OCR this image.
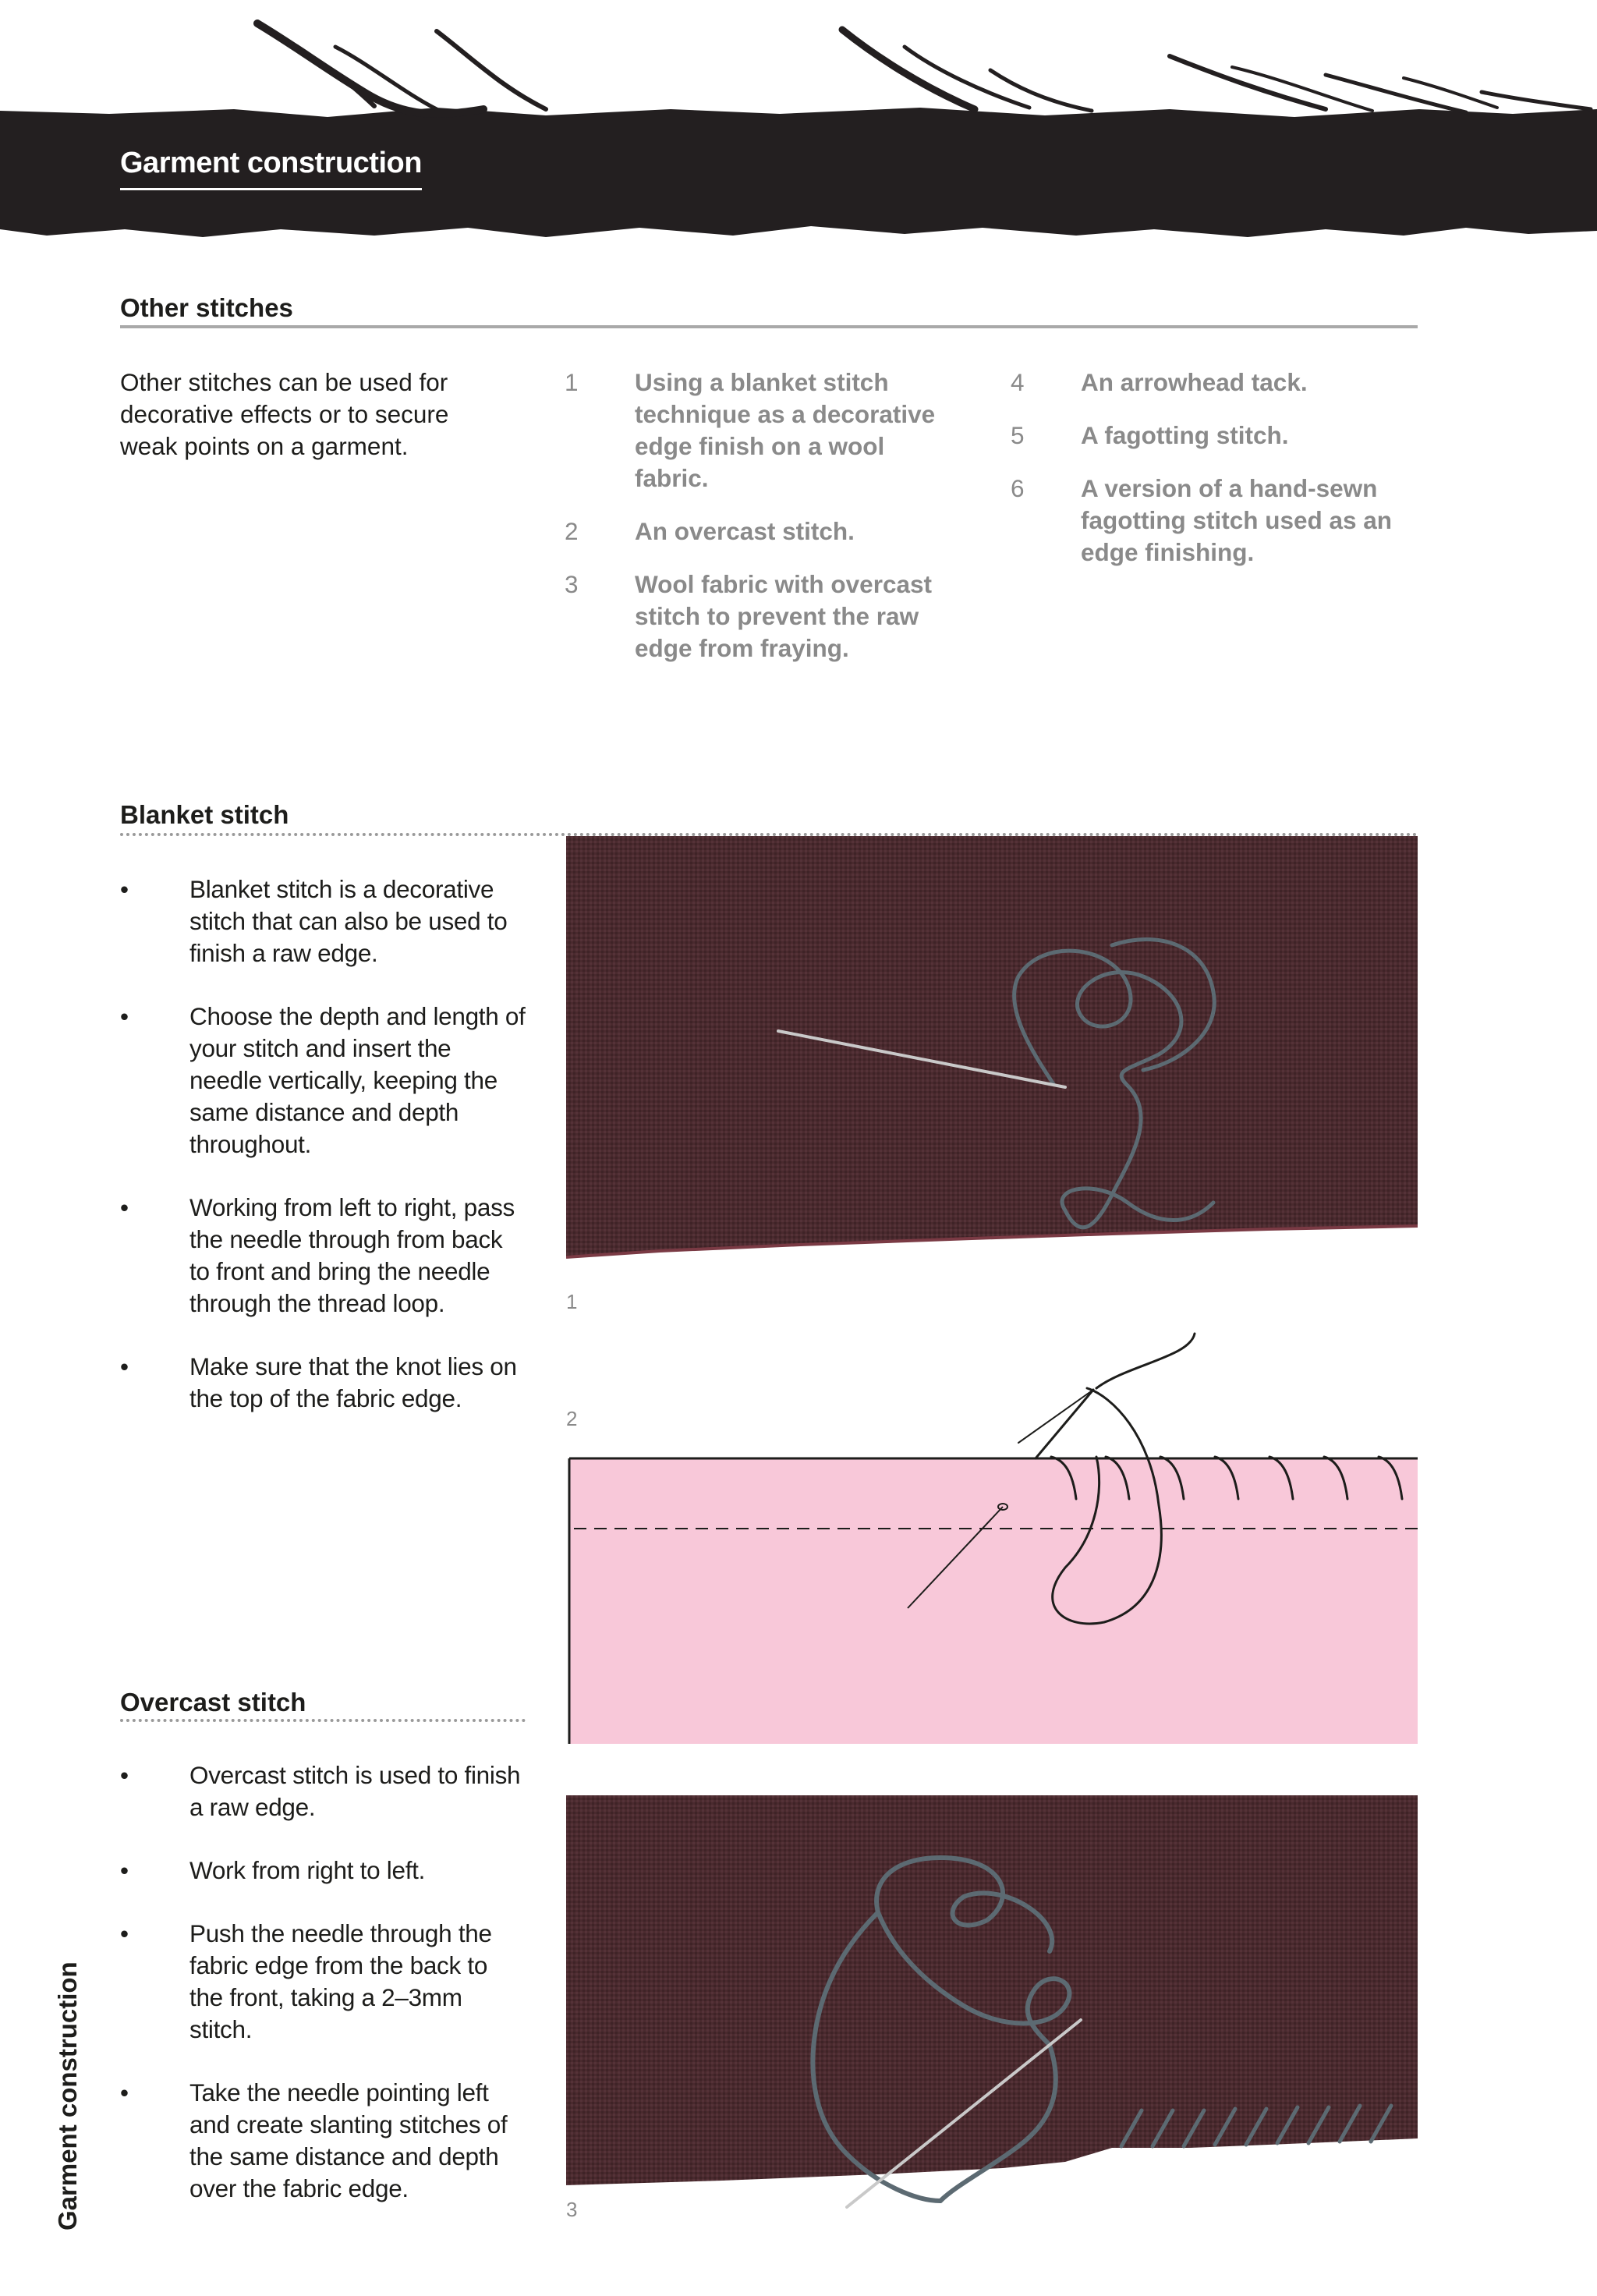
Garment construction
Other stitches
Other stitches can be used for decorative effects or to secure weak points on a garment.
1 Using a blanket stitch technique as a decorative edge finish on a wool fabric.
2 An overcast stitch.
3 Wool fabric with overcast stitch to prevent the raw edge from fraying.
4 An arrowhead tack.
5 A fagotting stitch.
6 A version of a hand-sewn fagotting stitch used as an edge finishing.
Blanket stitch
• Blanket stitch is a decorative stitch that can also be used to finish a raw edge.
• Choose the depth and length of your stitch and insert the needle vertically, keeping the same distance and depth throughout.
• Working from left to right, pass the needle through from back to front and bring the needle through the thread loop.
• Make sure that the knot lies on the top of the fabric edge.
1
2
Overcast stitch
• Overcast stitch is used to finish a raw edge.
• Work from right to left.
• Push the needle through the fabric edge from the back to the front, taking a 2–3mm stitch.
• Take the needle pointing left and create slanting stitches of the same distance and depth over the fabric edge.
3
Garment construction
